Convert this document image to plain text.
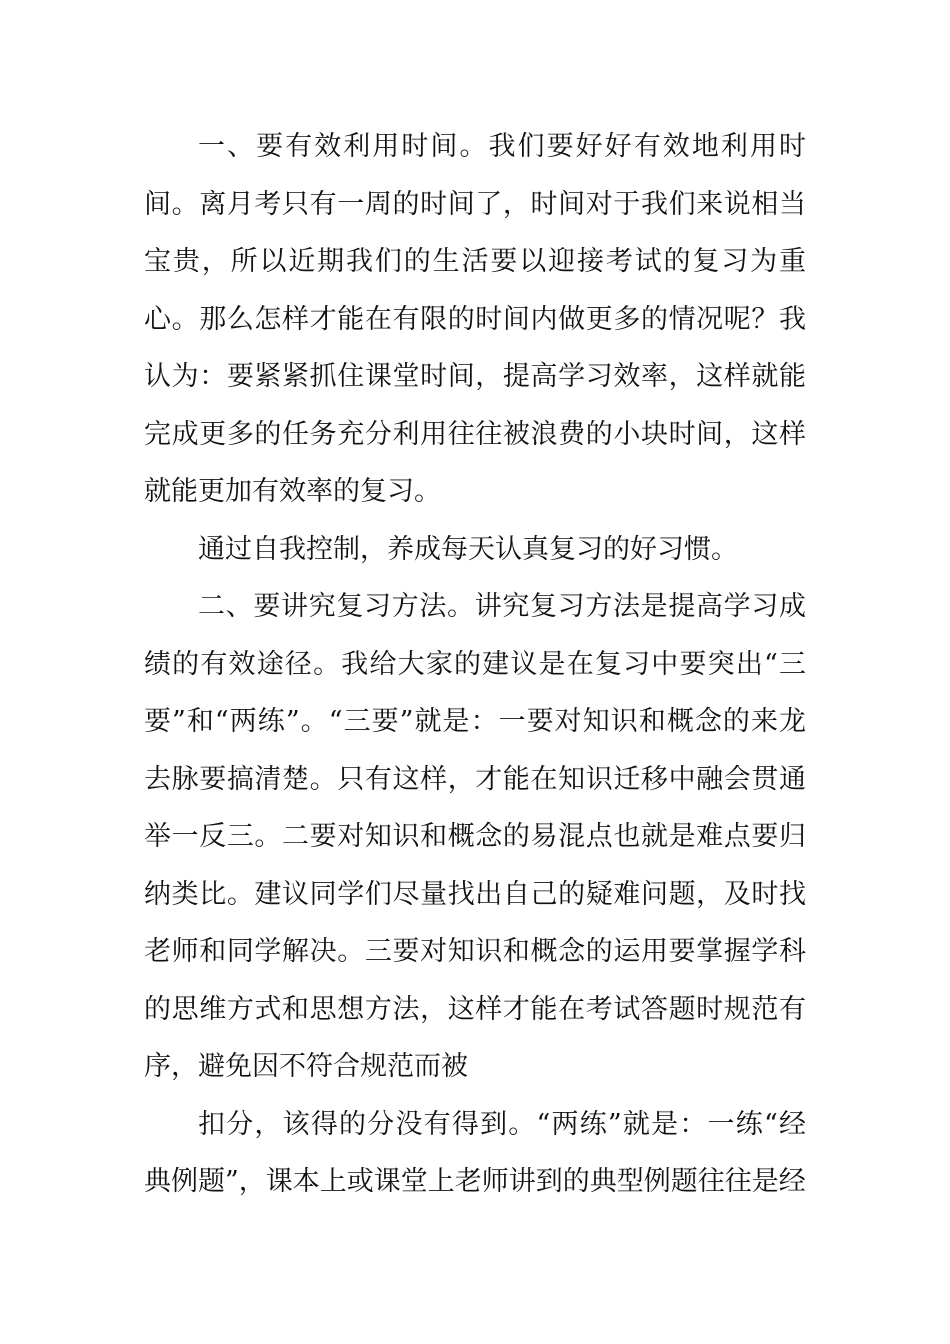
一、要有效利用时间。我们要好好有效地利用时间。离月考只有一周的时间了，时间对于我们来说相当宝贵，所以近期我们的生活要以迎接考试的复习为重心。那么怎样才能在有限的时间内做更多的情况呢？我认为：要紧紧抓住课堂时间，提高学习效率，这样就能完成更多的任务充分利用往往被浪费的小块时间，这样就能更加有效率的复习。

通过自我控制，养成每天认真复习的好习惯。

二、要讲究复习方法。讲究复习方法是提高学习成绩的有效途径。我给大家的建议是在复习中要突出“三要”和“两练”。“三要”就是：一要对知识和概念的来龙去脉要搞清楚。只有这样，才能在知识迁移中融会贯通举一反三。二要对知识和概念的易混点也就是难点要归纳类比。建议同学们尽量找出自己的疑难问题，及时找老师和同学解决。三要对知识和概念的运用要掌握学科的思维方式和思想方法，这样才能在考试答题时规范有序，避免因不符合规范而被

扣分，该得的分没有得到。“两练”就是：一练“经典例题”，课本上或课堂上老师讲到的典型例题往往是经
